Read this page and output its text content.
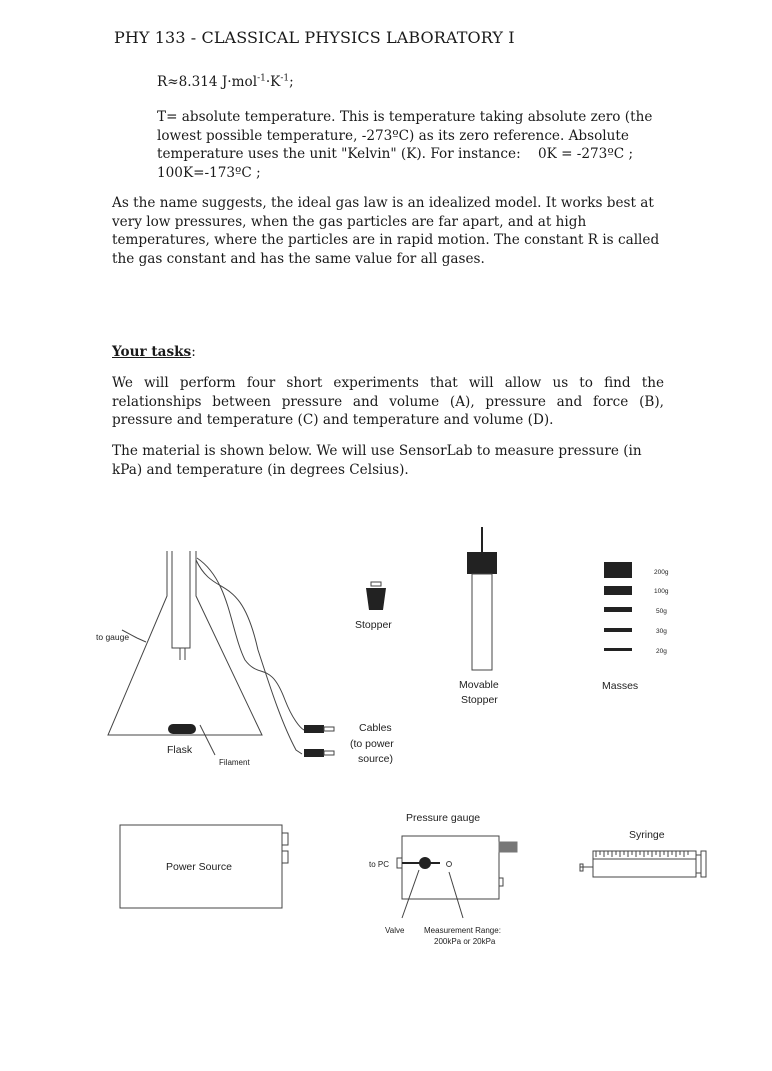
PHY 133 - CLASSICAL PHYSICS LABORATORY I
R≈8.314 $J\cdot mol^{-1}\cdot K^{-1}$;
T= absolute temperature. This is temperature taking absolute zero (the
lowest possible temperature, -273ºC) as its zero reference. Absolute
temperature uses the unit "Kelvin" (K). For instance: 0K = -273ºC ;
100K=-173ºC ;
As the name suggests, the ideal gas law is an idealized model. It works best at very low pressures, when the gas particles are far apart, and at high temperatures, where the particles are in rapid motion. The constant R is called the gas constant and has the same value for all gases.
Your tasks:
We will perform four short experiments that will allow us to find the relationships between pressure and volume (A), pressure and force (B), pressure and temperature (C) and temperature and volume (D).
The material is shown below. We will use SensorLab to measure pressure (in kPa) and temperature (in degrees Celsius).
to gauge
Flask
Filament
Cables
(to power
source)
Stopper
Movable
Stopper
200g
100g
50g
30g
20g
Masses
Power Source
Pressure gauge
to PC
Valve Measurement Range:
200kPa or 20kPa
Syringe
